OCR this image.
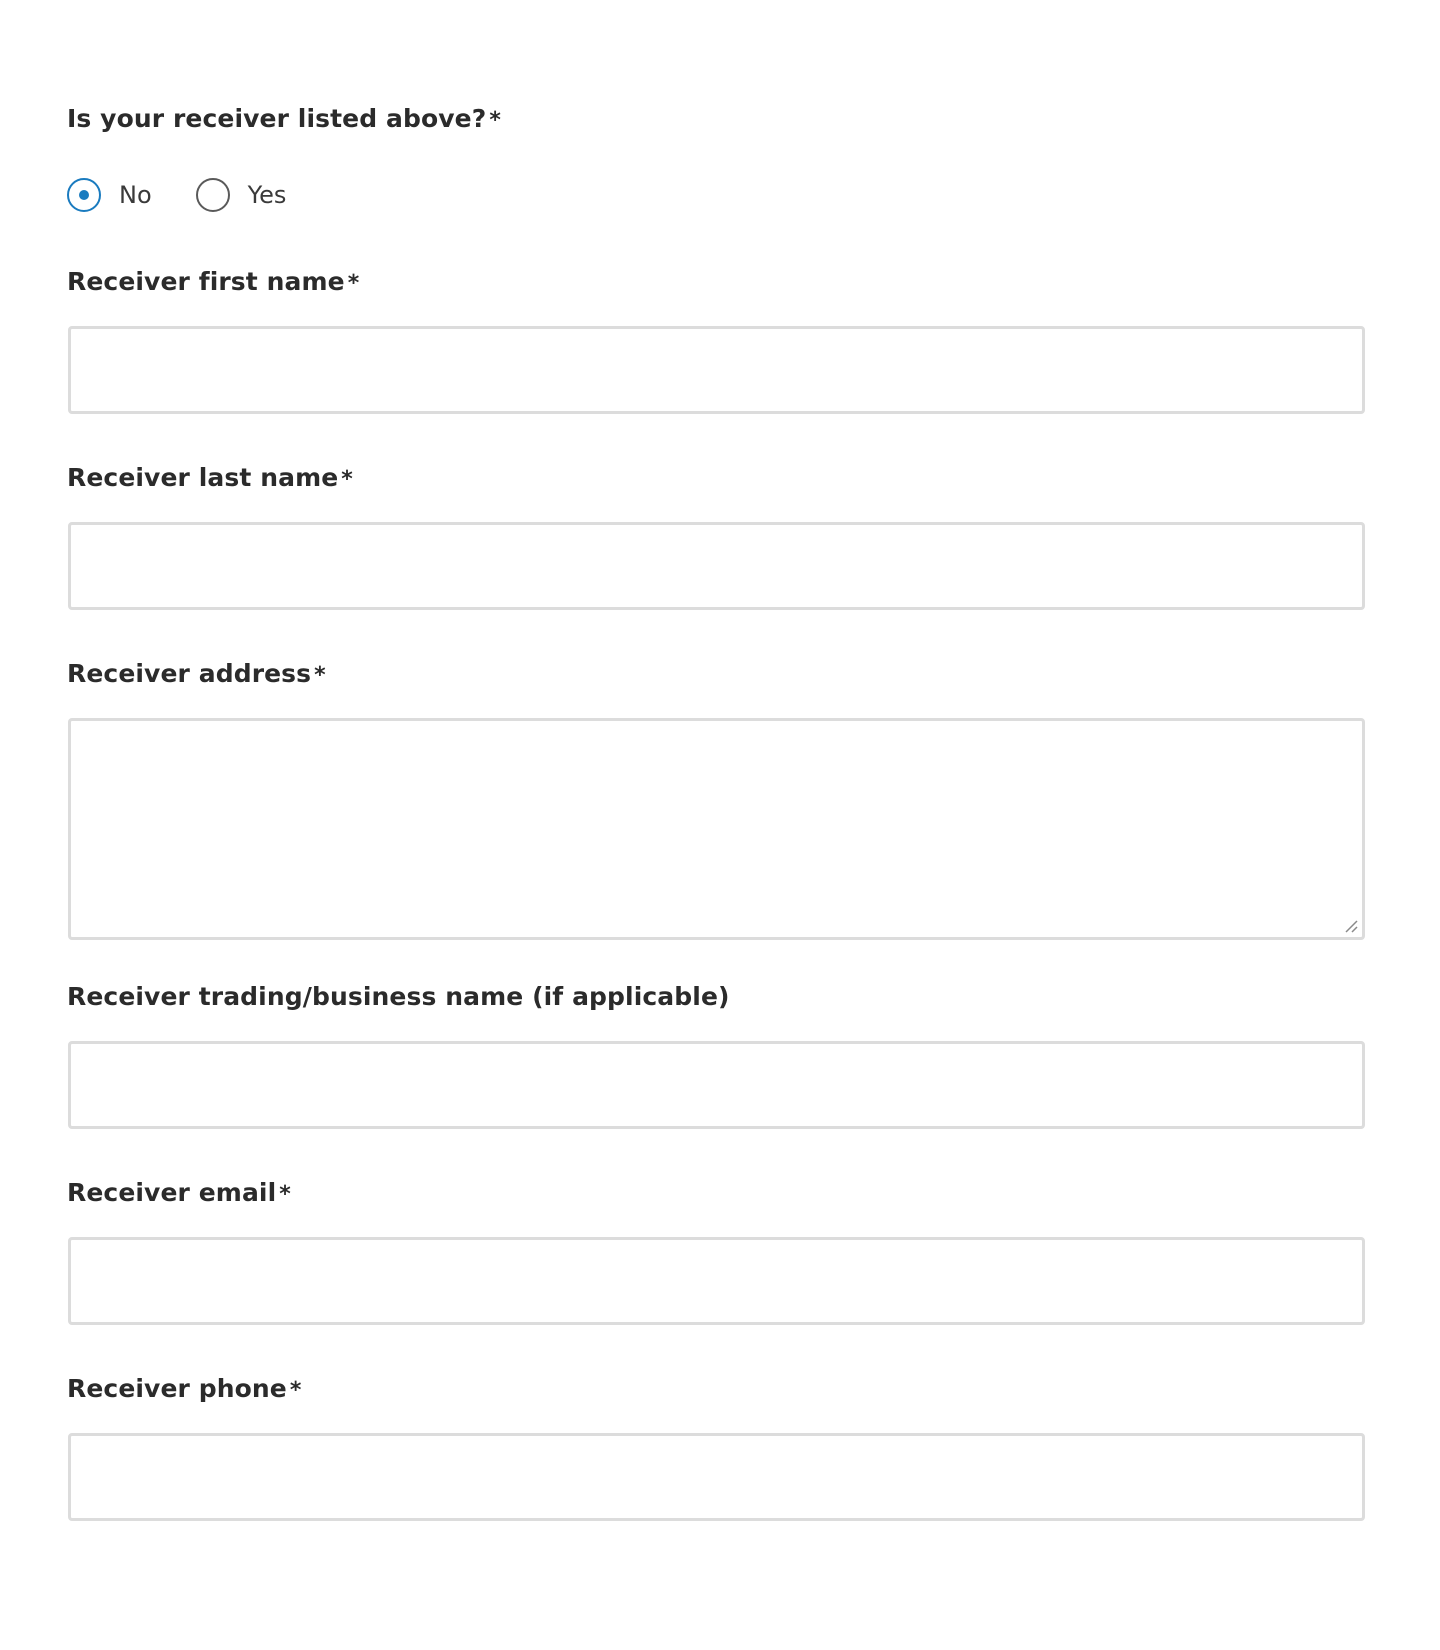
Is your receiver listed above? *
No	Yes
Receiver first name *
Receiver last name *
Receiver address *
Receiver trading/business name (if applicable)
Receiver email *
Receiver phone *
